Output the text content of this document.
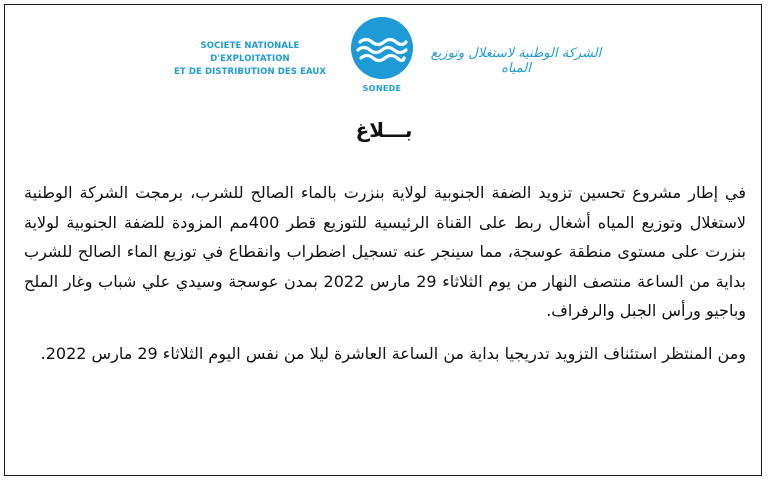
SOCIETE NATIONALE D'EXPLOITATION
ET DE DISTRIBUTION DES EAUX
SONEDE
الشركة الوطنية لاستغلال وتوزيع المياه
بـــلاغ

في إطار مشروع تحسين تزويد الضفة الجنوبية لولاية بنزرت بالماء الصالح للشرب، برمجت الشركة الوطنية لاستغلال وتوزيع المياه أشغال ربط على القناة الرئيسية للتوزيع قطر 400مم المزودة للضفة الجنوبية لولاية بنزرت على مستوى منطقة عوسجة، مما سينجر عنه تسجيل اضطراب وانقطاع في توزيع الماء الصالح للشرب بداية من الساعة منتصف النهار من يوم الثلاثاء 29 مارس 2022 بمدن عوسجة وسيدي علي شباب وغار الملح وباجيو ورأس الجبل والرفراف.

ومن المنتظر استئناف التزويد تدريجيا بداية من الساعة العاشرة ليلا من نفس اليوم الثلاثاء 29 مارس 2022.
